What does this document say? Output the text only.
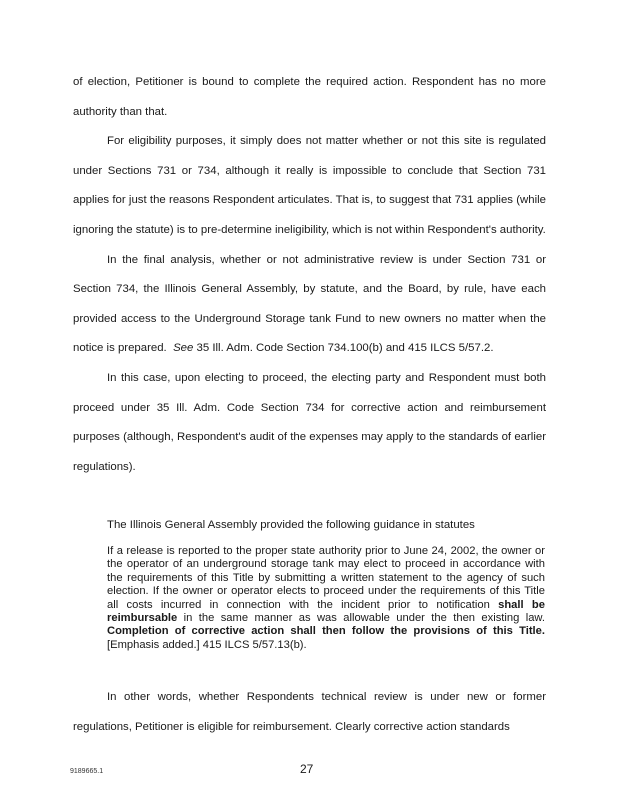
of election, Petitioner is bound to complete the required action. Respondent has no more authority than that.

For eligibility purposes, it simply does not matter whether or not this site is regulated under Sections 731 or 734, although it really is impossible to conclude that Section 731 applies for just the reasons Respondent articulates. That is, to suggest that 731 applies (while ignoring the statute) is to pre-determine ineligibility, which is not within Respondent's authority.

In the final analysis, whether or not administrative review is under Section 731 or Section 734, the Illinois General Assembly, by statute, and the Board, by rule, have each provided access to the Underground Storage tank Fund to new owners no matter when the notice is prepared. See 35 Ill. Adm. Code Section 734.100(b) and 415 ILCS 5/57.2.

In this case, upon electing to proceed, the electing party and Respondent must both proceed under 35 Ill. Adm. Code Section 734 for corrective action and reimbursement purposes (although, Respondent's audit of the expenses may apply to the standards of earlier regulations).

The Illinois General Assembly provided the following guidance in statutes
If a release is reported to the proper state authority prior to June 24, 2002, the owner or the operator of an underground storage tank may elect to proceed in accordance with the requirements of this Title by submitting a written statement to the agency of such election. If the owner or operator elects to proceed under the requirements of this Title all costs incurred in connection with the incident prior to notification shall be reimbursable in the same manner as was allowable under the then existing law. Completion of corrective action shall then follow the provisions of this Title. [Emphasis added.] 415 ILCS 5/57.13(b).

In other words, whether Respondents technical review is under new or former regulations, Petitioner is eligible for reimbursement. Clearly corrective action standards

9189665.1	27
